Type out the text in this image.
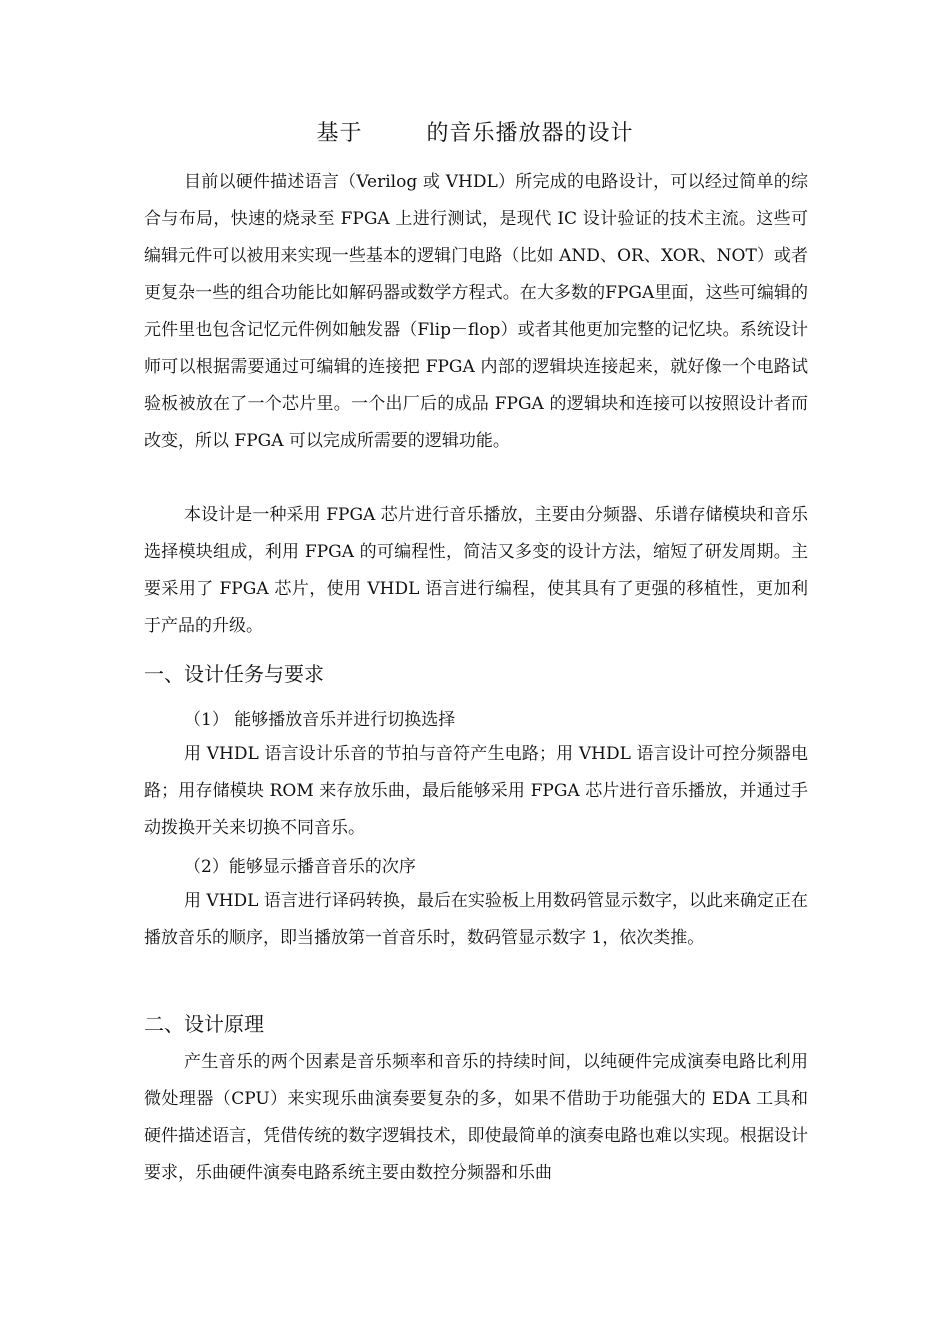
基于	的音乐播放器的设计
目前以硬件描述语言（Verilog 或 VHDL）所完成的电路设计，可以经过简单的综合与布局，快速的烧录至 FPGA 上进行测试，是现代 IC 设计验证的技术主流。这些可编辑元件可以被用来实现一些基本的逻辑门电路（比如 AND、OR、XOR、NOT）或者更复杂一些的组合功能比如解码器或数学方程式。在大多数的FPGA里面，这些可编辑的元件里也包含记忆元件例如触发器（Flip－flop）或者其他更加完整的记忆块。系统设计师可以根据需要通过可编辑的连接把 FPGA 内部的逻辑块连接起来，就好像一个电路试验板被放在了一个芯片里。一个出厂后的成品 FPGA 的逻辑块和连接可以按照设计者而改变，所以 FPGA 可以完成所需要的逻辑功能。
本设计是一种采用 FPGA 芯片进行音乐播放，主要由分频器、乐谱存储模块和音乐选择模块组成，利用 FPGA 的可编程性，简洁又多变的设计方法，缩短了研发周期。主要采用了 FPGA 芯片，使用 VHDL 语言进行编程，使其具有了更强的移植性，更加利于产品的升级。
一、设计任务与要求
（1） 能够播放音乐并进行切换选择
用 VHDL 语言设计乐音的节拍与音符产生电路；用 VHDL 语言设计可控分频器电路；用存储模块 ROM 来存放乐曲，最后能够采用 FPGA 芯片进行音乐播放，并通过手动拨换开关来切换不同音乐。
（2）能够显示播音音乐的次序
用 VHDL 语言进行译码转换，最后在实验板上用数码管显示数字，以此来确定正在播放音乐的顺序，即当播放第一首音乐时，数码管显示数字 1，依次类推。
二、设计原理
产生音乐的两个因素是音乐频率和音乐的持续时间，以纯硬件完成演奏电路比利用微处理器（CPU）来实现乐曲演奏要复杂的多，如果不借助于功能强大的 EDA 工具和硬件描述语言，凭借传统的数字逻辑技术，即使最简单的演奏电路也难以实现。根据设计要求，乐曲硬件演奏电路系统主要由数控分频器和乐曲
